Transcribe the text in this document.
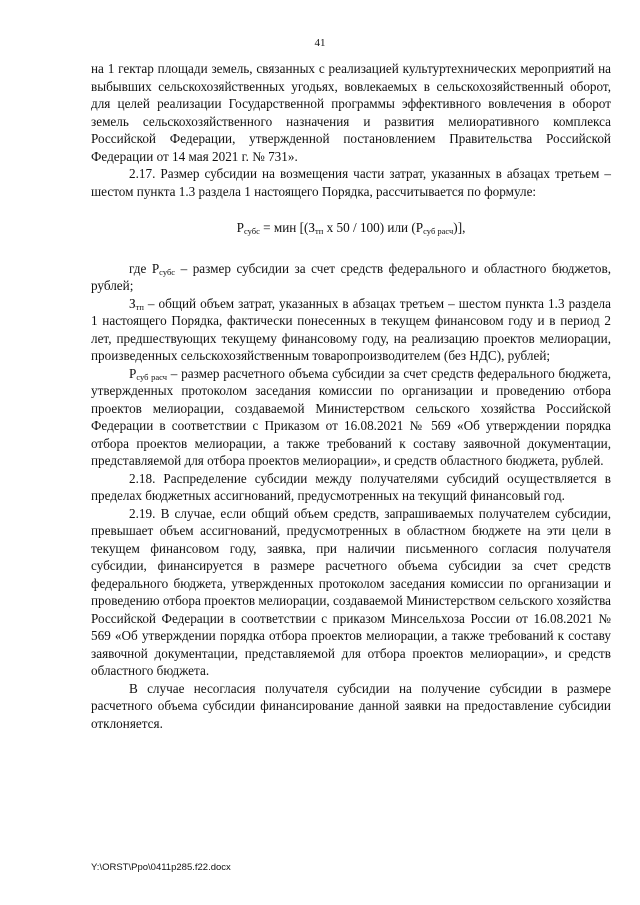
41

на 1 гектар площади земель, связанных с реализацией культуртехнических мероприятий на выбывших сельскохозяйственных угодьях, вовлекаемых в сельскохозяйственный оборот, для целей реализации Государственной программы эффективного вовлечения в оборот земель сельскохозяйственного назначения и развития мелиоративного комплекса Российской Федерации, утвержденной постановлением Правительства Российской Федерации от 14 мая 2021 г. № 731».

2.17. Размер субсидии на возмещения части затрат, указанных в абзацах третьем – шестом пункта 1.3 раздела 1 настоящего Порядка, рассчитывается по формуле:

$Р_{субс}$ = мин [($З_{тп}$ х 50 / 100) или $(Р_{суб расч})$],

где $Р_{субс}$ – размер субсидии за счет средств федерального и областного бюджетов, рублей;

$З_{тп}$ – общий объем затрат, указанных в абзацах третьем – шестом пункта 1.3 раздела 1 настоящего Порядка, фактически понесенных в текущем финансовом году и в период 2 лет, предшествующих текущему финансовому году, на реализацию проектов мелиорации, произведенных сельскохозяйственным товаропроизводителем (без НДС), рублей;

$Р_{суб расч}$ – размер расчетного объема субсидии за счет средств федерального бюджета, утвержденных протоколом заседания комиссии по организации и проведению отбора проектов мелиорации, создаваемой Министерством сельского хозяйства Российской Федерации в соответствии с Приказом от 16.08.2021 № 569 «Об утверждении порядка отбора проектов мелиорации, а также требований к составу заявочной документации, представляемой для отбора проектов мелиорации», и средств областного бюджета, рублей.

2.18. Распределение субсидии между получателями субсидий осуществляется в пределах бюджетных ассигнований, предусмотренных на текущий финансовый год.

2.19. В случае, если общий объем средств, запрашиваемых получателем субсидии, превышает объем ассигнований, предусмотренных в областном бюджете на эти цели в текущем финансовом году, заявка, при наличии письменного согласия получателя субсидии, финансируется в размере расчетного объема субсидии за счет средств федерального бюджета, утвержденных протоколом заседания комиссии по организации и проведению отбора проектов мелиорации, создаваемой Министерством сельского хозяйства Российской Федерации в соответствии с приказом Минсельхоза России от 16.08.2021 № 569 «Об утверждении порядка отбора проектов мелиорации, а также требований к составу заявочной документации, представляемой для отбора проектов мелиорации», и средств областного бюджета.

В случае несогласия получателя субсидии на получение субсидии в размере расчетного объема субсидии финансирование данной заявки на предоставление субсидии отклоняется.

Y:\ORST\Ppo\0411p285.f22.docx
